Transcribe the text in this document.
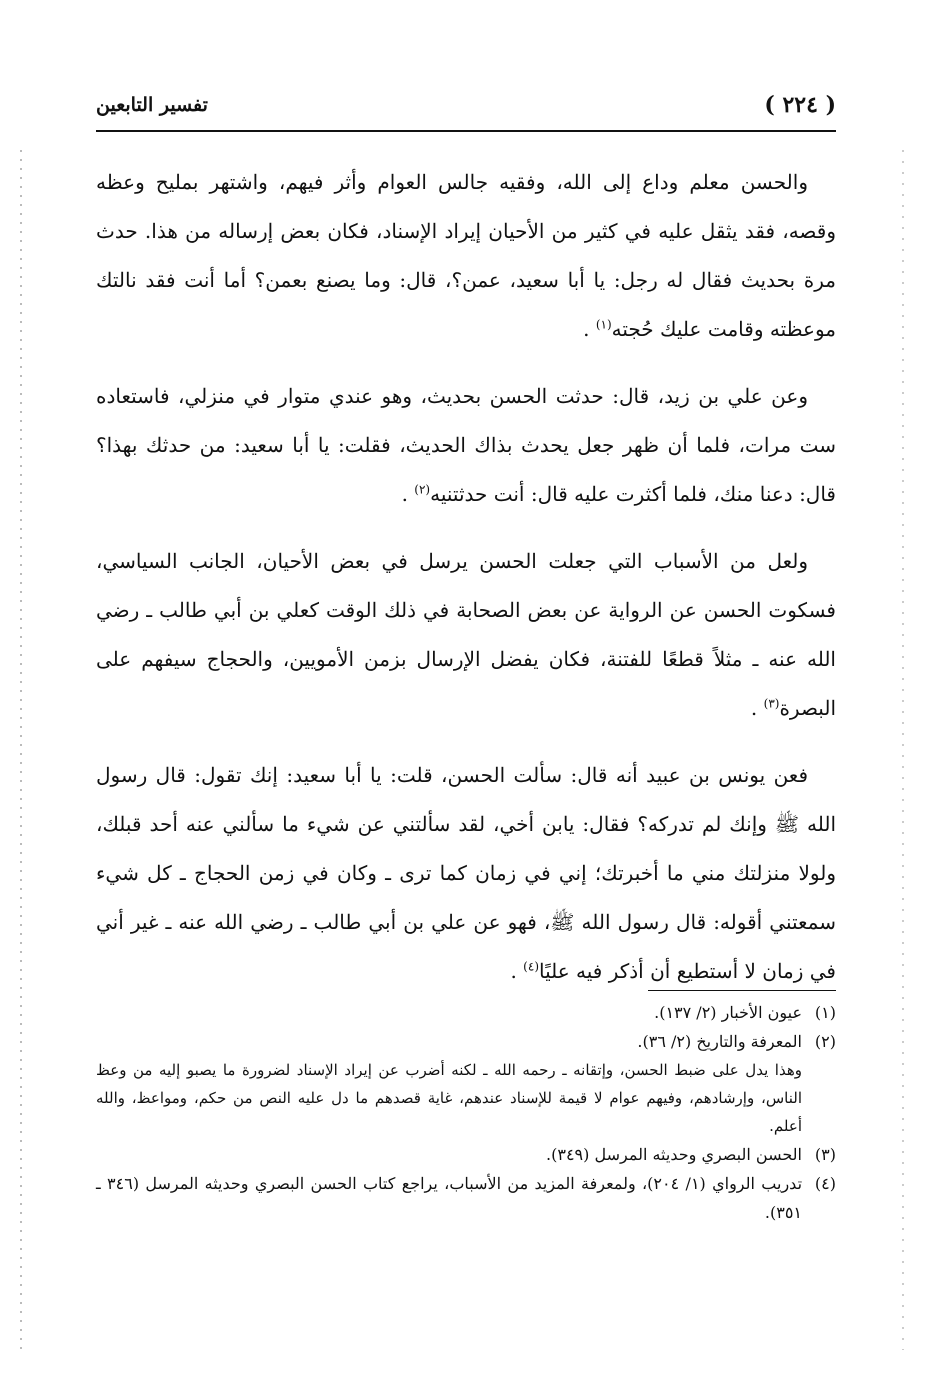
( ٢٢٤ )
تفسير التابعين

والحسن معلم وداع إلى الله، وفقيه جالس العوام وأثر فيهم، واشتهر بمليح وعظه وقصه، فقد يثقل عليه في كثير من الأحيان إيراد الإسناد، فكان بعض إرساله من هذا. حدث مرة بحديث فقال له رجل: يا أبا سعيد، عمن؟، قال: وما يصنع بعمن؟ أما أنت فقد نالتك موعظته وقامت عليك حُجته$^{(١)}$ .

وعن علي بن زيد، قال: حدثت الحسن بحديث، وهو عندي متوار في منزلي، فاستعاده ست مرات، فلما أن ظهر جعل يحدث بذاك الحديث، فقلت: يا أبا سعيد: من حدثك بهذا؟ قال: دعنا منك، فلما أكثرت عليه قال: أنت حدثتنيه$^{(٢)}$ .

ولعل من الأسباب التي جعلت الحسن يرسل في بعض الأحيان، الجانب السياسي، فسكوت الحسن عن الرواية عن بعض الصحابة في ذلك الوقت كعلي بن أبي طالب ـ رضي الله عنه ـ مثلاً قطعًا للفتنة، فكان يفضل الإرسال بزمن الأمويين، والحجاج سيفهم على البصرة$^{(٣)}$ .

فعن يونس بن عبيد أنه قال: سألت الحسن، قلت: يا أبا سعيد: إنك تقول: قال رسول الله ﷺ وإنك لم تدركه؟ فقال: يابن أخي، لقد سألتني عن شيء ما سألني عنه أحد قبلك، ولولا منزلتك مني ما أخبرتك؛ إني في زمان كما ترى ـ وكان في زمن الحجاج ـ كل شيء سمعتني أقوله: قال رسول الله ﷺ، فهو عن علي بن أبي طالب ـ رضي الله عنه ـ غير أني في زمان لا أستطيع أن أذكر فيه عليًا$^{(٤)}$ .

(١)
عيون الأخبار (٢/ ١٣٧).
(٢)
المعرفة والتاريخ (٢/ ٣٦).
وهذا يدل على ضبط الحسن، وإتقانه ـ رحمه الله ـ لكنه أضرب عن إيراد الإسناد لضرورة ما يصبو إليه من وعظ الناس، وإرشادهم، وفيهم عوام لا قيمة للإسناد عندهم، غاية قصدهم ما دل عليه النص من حكم، ومواعظ، والله أعلم.
(٣)
الحسن البصري وحديثه المرسل (٣٤٩).
(٤)
تدريب الرواي (١/ ٢٠٤)، ولمعرفة المزيد من الأسباب، يراجع كتاب الحسن البصري وحديثه المرسل (٣٤٦ ـ ٣٥١).
